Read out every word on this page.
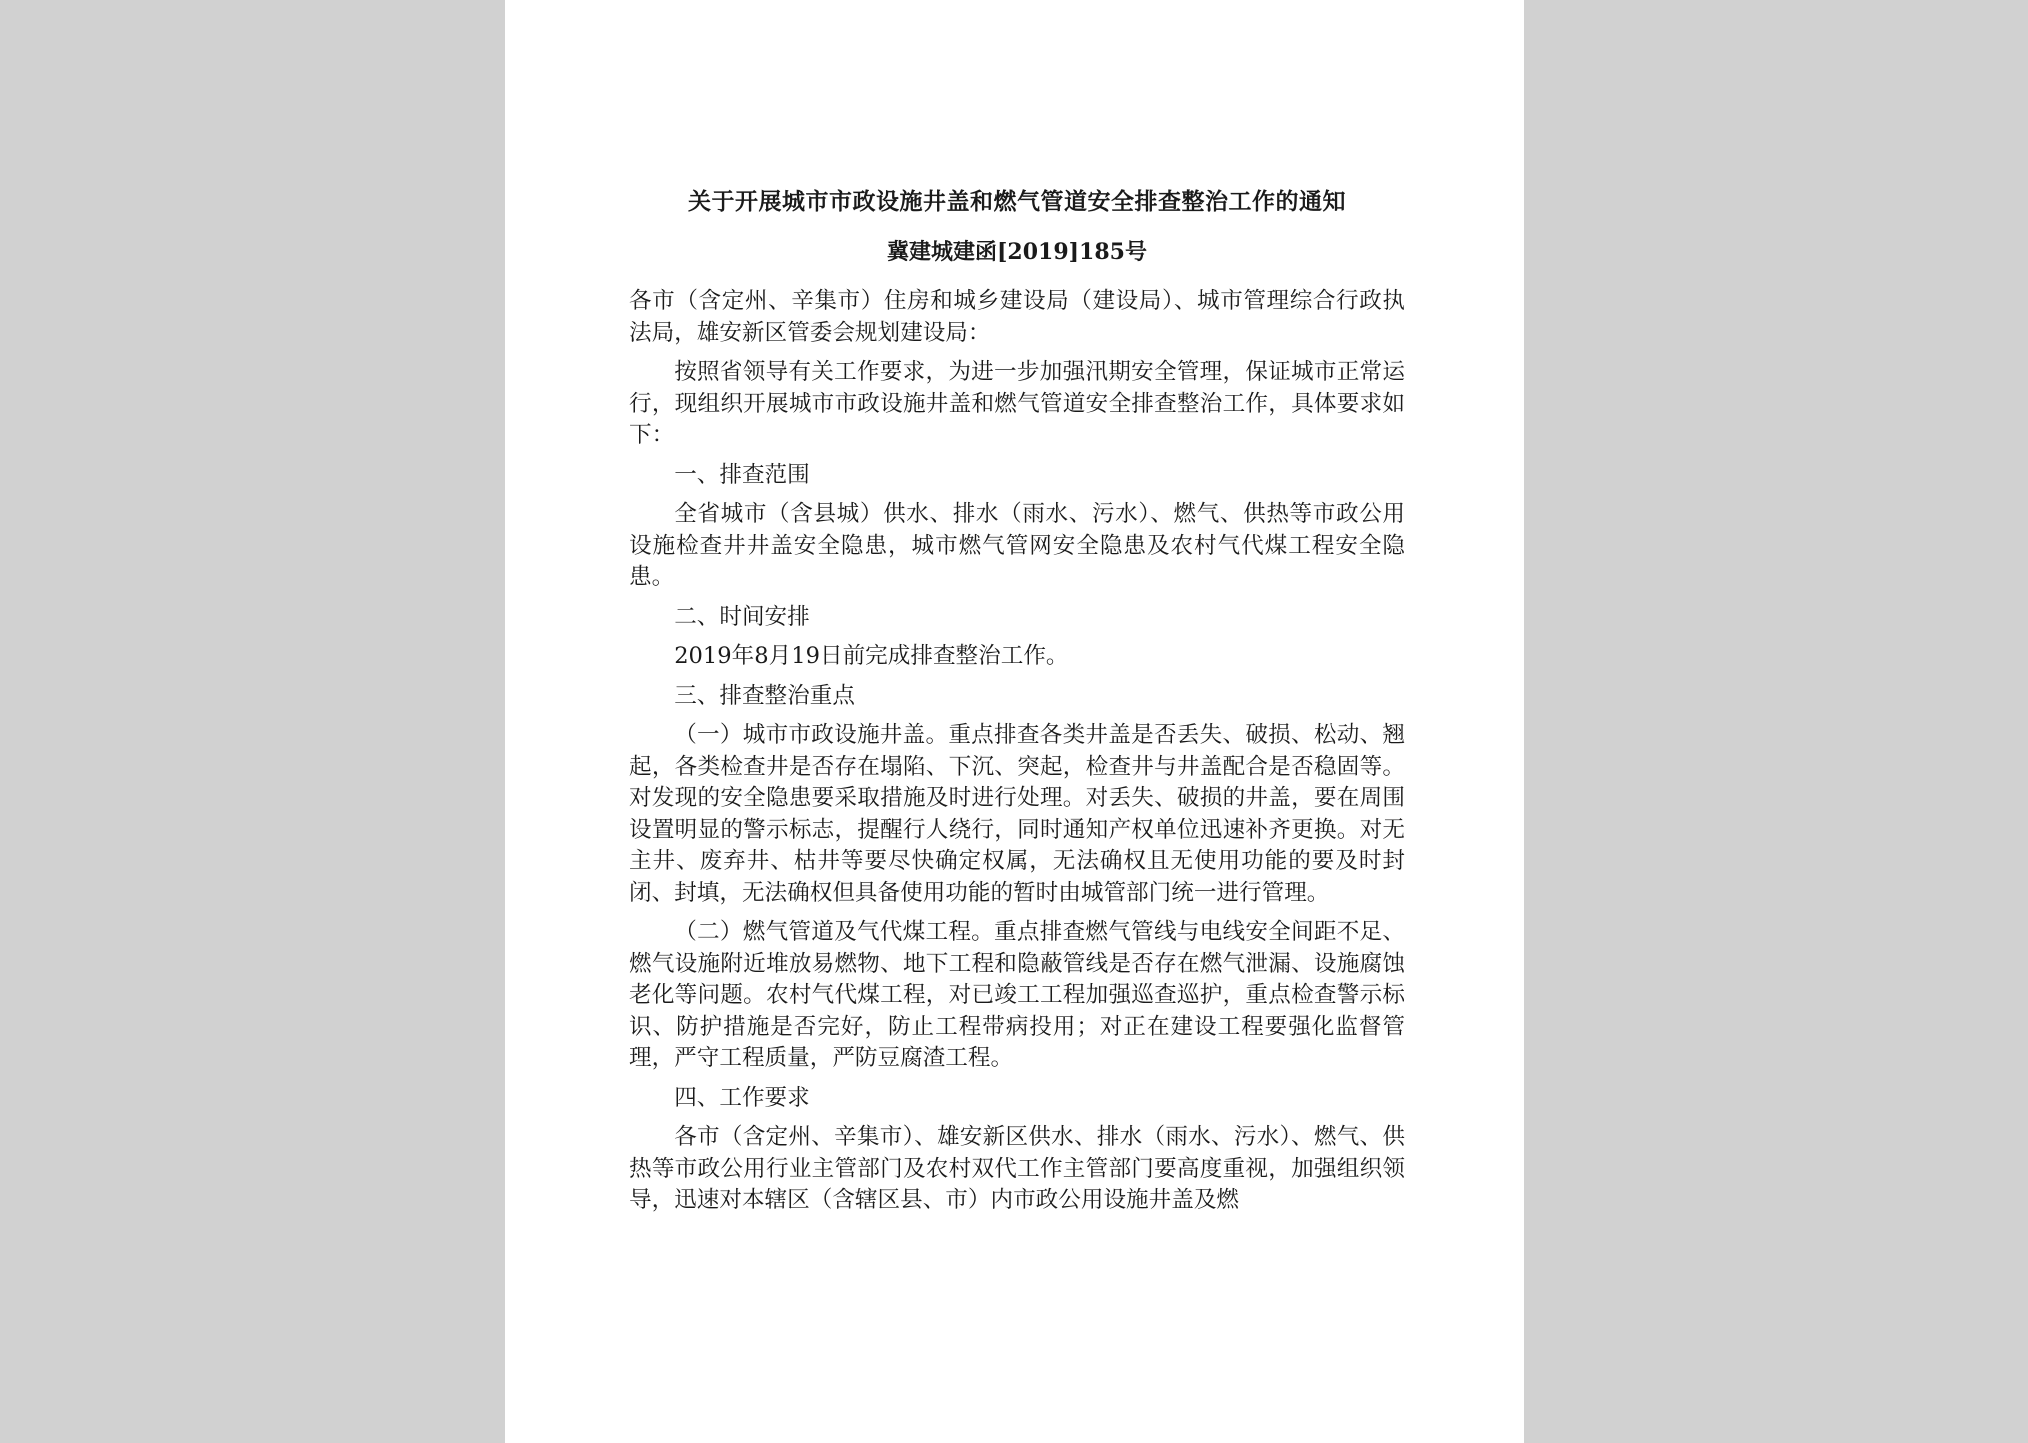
关于开展城市市政设施井盖和燃气管道安全排查整治工作的通知
冀建城建函[2019]185号

各市（含定州、辛集市）住房和城乡建设局（建设局）、城市管理综合行政执法局，雄安新区管委会规划建设局：

按照省领导有关工作要求，为进一步加强汛期安全管理，保证城市正常运行，现组织开展城市市政设施井盖和燃气管道安全排查整治工作，具体要求如下：

一、排查范围

全省城市（含县城）供水、排水（雨水、污水）、燃气、供热等市政公用设施检查井井盖安全隐患，城市燃气管网安全隐患及农村气代煤工程安全隐患。

二、时间安排

2019年8月19日前完成排查整治工作。

三、排查整治重点

（一）城市市政设施井盖。重点排查各类井盖是否丢失、破损、松动、翘起，各类检查井是否存在塌陷、下沉、突起，检查井与井盖配合是否稳固等。对发现的安全隐患要采取措施及时进行处理。对丢失、破损的井盖，要在周围设置明显的警示标志，提醒行人绕行，同时通知产权单位迅速补齐更换。对无主井、废弃井、枯井等要尽快确定权属，无法确权且无使用功能的要及时封闭、封填，无法确权但具备使用功能的暂时由城管部门统一进行管理。

（二）燃气管道及气代煤工程。重点排查燃气管线与电线安全间距不足、燃气设施附近堆放易燃物、地下工程和隐蔽管线是否存在燃气泄漏、设施腐蚀老化等问题。农村气代煤工程，对已竣工工程加强巡查巡护，重点检查警示标识、防护措施是否完好，防止工程带病投用；对正在建设工程要强化监督管理，严守工程质量，严防豆腐渣工程。

四、工作要求

各市（含定州、辛集市）、雄安新区供水、排水（雨水、污水）、燃气、供热等市政公用行业主管部门及农村双代工作主管部门要高度重视，加强组织领导，迅速对本辖区（含辖区县、市）内市政公用设施井盖及燃
